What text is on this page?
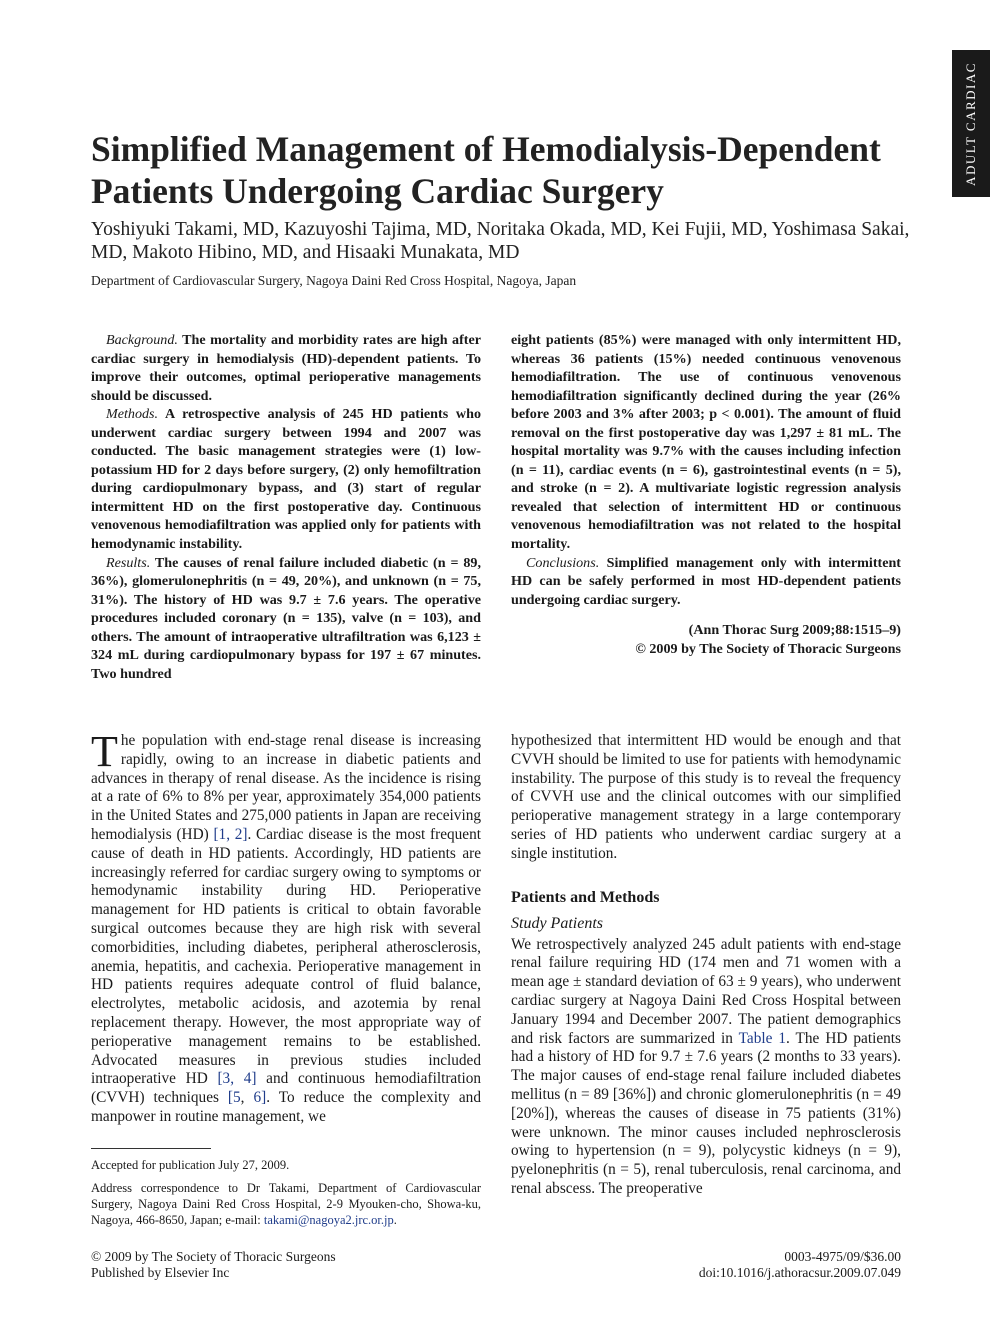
ADULT CARDIAC
Simplified Management of Hemodialysis-Dependent Patients Undergoing Cardiac Surgery
Yoshiyuki Takami, MD, Kazuyoshi Tajima, MD, Noritaka Okada, MD, Kei Fujii, MD, Yoshimasa Sakai, MD, Makoto Hibino, MD, and Hisaaki Munakata, MD
Department of Cardiovascular Surgery, Nagoya Daini Red Cross Hospital, Nagoya, Japan

Background. The mortality and morbidity rates are high after cardiac surgery in hemodialysis (HD)-dependent patients. To improve their outcomes, optimal perioperative managements should be discussed.

Methods. A retrospective analysis of 245 HD patients who underwent cardiac surgery between 1994 and 2007 was conducted. The basic management strategies were (1) low-potassium HD for 2 days before surgery, (2) only hemofiltration during cardiopulmonary bypass, and (3) start of regular intermittent HD on the first postoperative day. Continuous venovenous hemodiafiltration was applied only for patients with hemodynamic instability.

Results. The causes of renal failure included diabetic (n = 89, 36%), glomerulonephritis (n = 49, 20%), and unknown (n = 75, 31%). The history of HD was 9.7 ± 7.6 years. The operative procedures included coronary (n = 135), valve (n = 103), and others. The amount of intraoperative ultrafiltration was 6,123 ± 324 mL during cardiopulmonary bypass for 197 ± 67 minutes. Two hundred

eight patients (85%) were managed with only intermittent HD, whereas 36 patients (15%) needed continuous venovenous hemodiafiltration. The use of continuous venovenous hemodiafiltration significantly declined during the year (26% before 2003 and 3% after 2003; p < 0.001). The amount of fluid removal on the first postoperative day was 1,297 ± 81 mL. The hospital mortality was 9.7% with the causes including infection (n = 11), cardiac events (n = 6), gastrointestinal events (n = 5), and stroke (n = 2). A multivariate logistic regression analysis revealed that selection of intermittent HD or continuous venovenous hemodiafiltration was not related to the hospital mortality.

Conclusions. Simplified management only with intermittent HD can be safely performed in most HD-dependent patients undergoing cardiac surgery.

(Ann Thorac Surg 2009;88:1515–9)
© 2009 by The Society of Thoracic Surgeons

The population with end-stage renal disease is increasing rapidly, owing to an increase in diabetic patients and advances in therapy of renal disease. As the incidence is rising at a rate of 6% to 8% per year, approximately 354,000 patients in the United States and 275,000 patients in Japan are receiving hemodialysis (HD) [1, 2]. Cardiac disease is the most frequent cause of death in HD patients. Accordingly, HD patients are increasingly referred for cardiac surgery owing to symptoms or hemodynamic instability during HD. Perioperative management for HD patients is critical to obtain favorable surgical outcomes because they are high risk with several comorbidities, including diabetes, peripheral atherosclerosis, anemia, hepatitis, and cachexia. Perioperative management in HD patients requires adequate control of fluid balance, electrolytes, metabolic acidosis, and azotemia by renal replacement therapy. However, the most appropriate way of perioperative management remains to be established. Advocated measures in previous studies included intraoperative HD [3, 4] and continuous hemodiafiltration (CVVH) techniques [5, 6]. To reduce the complexity and manpower in routine management, we

hypothesized that intermittent HD would be enough and that CVVH should be limited to use for patients with hemodynamic instability. The purpose of this study is to reveal the frequency of CVVH use and the clinical outcomes with our simplified perioperative management strategy in a large contemporary series of HD patients who underwent cardiac surgery at a single institution.

Patients and Methods
Study Patients

We retrospectively analyzed 245 adult patients with end-stage renal failure requiring HD (174 men and 71 women with a mean age ± standard deviation of 63 ± 9 years), who underwent cardiac surgery at Nagoya Daini Red Cross Hospital between January 1994 and December 2007. The patient demographics and risk factors are summarized in Table 1. The HD patients had a history of HD for 9.7 ± 7.6 years (2 months to 33 years). The major causes of end-stage renal failure included diabetes mellitus (n = 89 [36%]) and chronic glomerulonephritis (n = 49 [20%]), whereas the causes of disease in 75 patients (31%) were unknown. The minor causes included nephrosclerosis owing to hypertension (n = 9), polycystic kidneys (n = 9), pyelonephritis (n = 5), renal tuberculosis, renal carcinoma, and renal abscess. The preoperative

Accepted for publication July 27, 2009.
Address correspondence to Dr Takami, Department of Cardiovascular Surgery, Nagoya Daini Red Cross Hospital, 2-9 Myouken-cho, Showa-ku, Nagoya, 466-8650, Japan; e-mail: takami@nagoya2.jrc.or.jp.
© 2009 by The Society of Thoracic Surgeons
Published by Elsevier Inc
0003-4975/09/$36.00
doi:10.1016/j.athoracsur.2009.07.049
